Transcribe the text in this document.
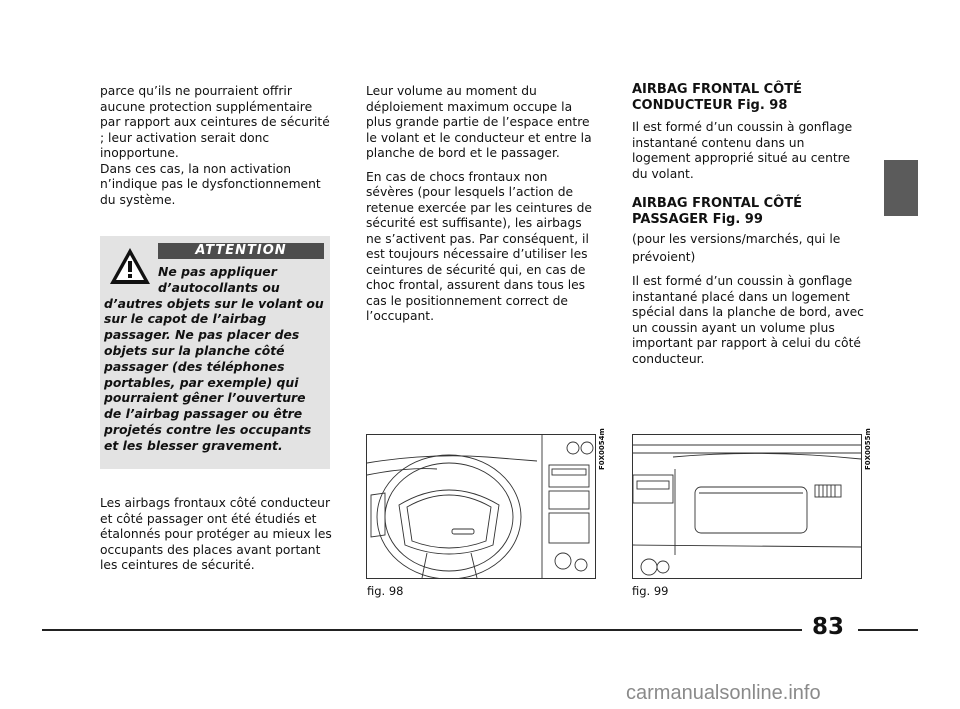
parce qu’ils ne pourraient offrir aucune protection supplémentaire par rapport aux ceintures de sécurité ; leur activation serait donc inopportune.

Dans ces cas, la non activation n’indique pas le dysfonctionnement du système.

ATTENTION
Ne pas appliquer
d’autocollants ou
d’autres objets sur le volant ou sur le capot de l’airbag passager. Ne pas placer des objets sur la planche côté passager (des téléphones portables, par exemple) qui pourraient gêner l’ouverture de l’airbag passager ou être projetés contre les occupants et les blesser gravement.

Les airbags frontaux côté conducteur et côté passager ont été étudiés et étalonnés pour protéger au mieux les occupants des places avant portant les ceintures de sécurité.

Leur volume au moment du déploiement maximum occupe la plus grande partie de l’espace entre le volant et le conducteur et entre la planche de bord et le passager.

En cas de chocs frontaux non sévères (pour lesquels l’action de retenue exercée par les ceintures de sécurité est suffisante), les airbags ne s’activent pas. Par conséquent, il est toujours nécessaire d’utiliser les ceintures de sécurité qui, en cas de choc frontal, assurent dans tous les cas le positionnement correct de l’occupant.

AIRBAG FRONTAL CÔTÉ
CONDUCTEUR Fig. 98

Il est formé d’un coussin à gonflage instantané contenu dans un logement approprié situé au centre du volant.

AIRBAG FRONTAL CÔTÉ
PASSAGER Fig. 99

(pour les versions/marchés, qui le prévoient)

Il est formé d’un coussin à gonflage instantané placé dans un logement spécial dans la planche de bord, avec un coussin ayant un volume plus important par rapport à celui du côté conducteur.

F0X0054m
fig. 98
F0X0055m
fig. 99
83
carmanualsonline.info
